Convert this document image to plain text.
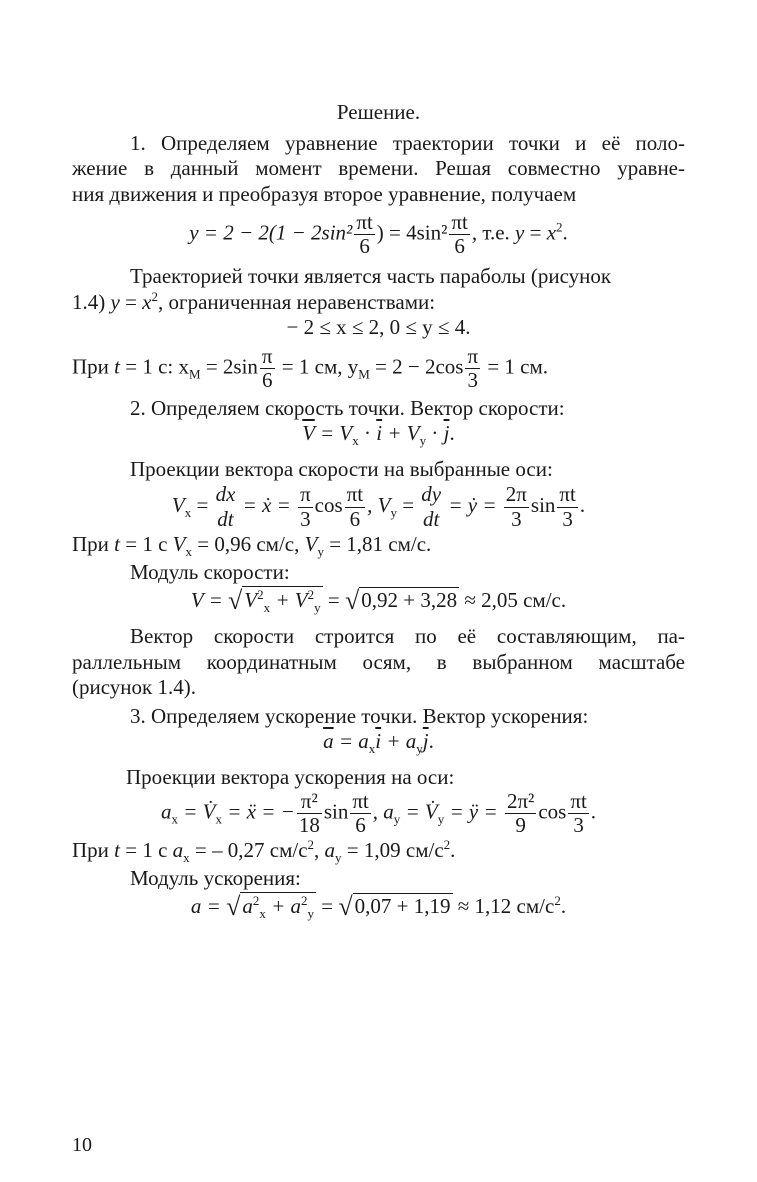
Решение.

1. Определяем уравнение траектории точки и её поло-

жение в данный момент времени. Решая совместно уравне-

ния движения и преобразуя второе уравнение, получаем

$y = 2 - 2(1 - 2\sin^2 \frac{\pi t}{6}$ ) = $4\sin^2 \frac{\pi t}{6}$ , т.е. $y = x^2$.

Траекторией точки является часть параболы (рисунок

1.4) $y = x^2$, ограниченная неравенствами:

− 2 ≤ x ≤ 2, 0 ≤ y ≤ 4.

При t = 1 с: $x_M = 2\sin \frac{\pi}{6} = 1$ см, $y_M = 2 - 2\cos \frac{\pi}{3} = 1$ см.

2. Определяем скорость точки. Вектор скорости:

$\overline{V} = V_x \cdot \overline{i} + V_y \cdot \overline{j}$.

Проекции вектора скорости на выбранные оси:

$V_x$ = dx
dt
= ẋ = $\frac{\pi}{3}$ $\cos \frac{\pi t}{6}$ , $V_y$ = dy
dt
= ẏ = $\frac{2\pi}{3}$ $\sin \frac{\pi t}{3}$ .

При t = 1 с $V_x = 0,96$ см/с, $V_y = 1,81$ см/с.

Модуль скорости:

$V = √V^2_x + V^2_y = √0,92 + 3,28 \approx 2,05$ см/с.

Вектор скорости строится по её составляющим, па-

раллельным координатным осям, в выбранном масштабе

(рисунок 1.4).

3. Определяем ускорение точки. Вектор ускорения:

$\overline{a} = a_x\overline{i} + a_y\overline{j}$.

Проекции вектора ускорения на оси:

$a_x$ = $V̇_x$ = ẍ = − $\frac{\text{π²}}{18}$ $\sin \frac{\pi t}{6}$ , $a_y$ = $V̇_y$ = ÿ = $\frac{\text{2π²}}{9}$ $\cos \frac{\pi t}{3}$ .

При t = 1 с $a_x$ = – 0,27 $см/с^2$, $a_y = 1,09$ $см/с^2$.

Модуль ускорения:

$a = √a^2_x + a^2_y = √0,07 + 1,19 \approx 1,12$ $см/с^2$.
10
